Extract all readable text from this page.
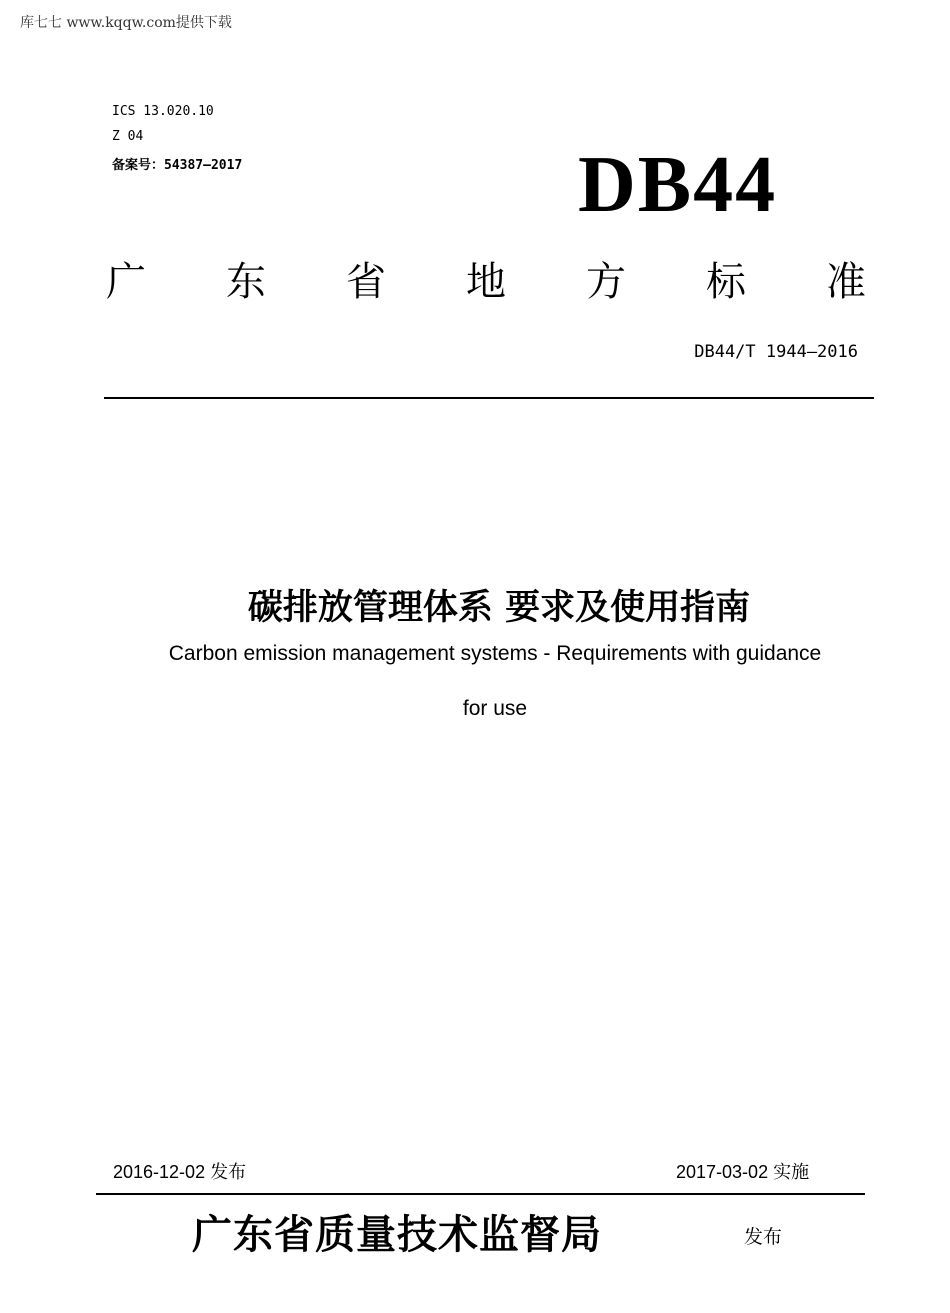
库七七 www.kqqw.com提供下载
ICS 13.020.10
Z 04
备案号：54387—2017	DB44
广 东 省 地 方 标 准
DB44/T 1944—2016
碳排放管理体系 要求及使用指南
Carbon emission management systems - Requirements with guidance
for use
2016-12-02 发布	2017-03-02 实施
广东省质量技术监督局	发布
